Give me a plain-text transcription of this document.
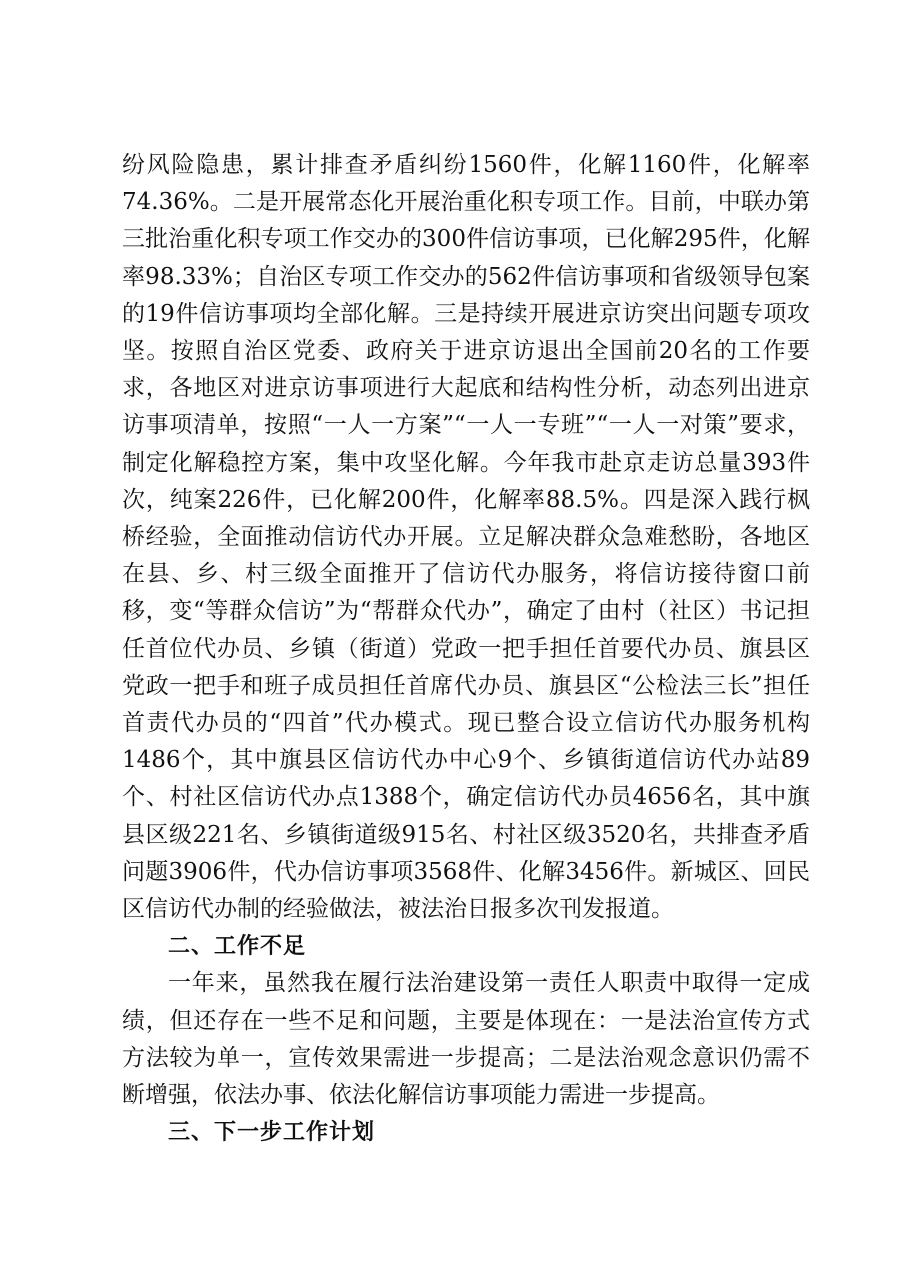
纷风险隐患，累计排查矛盾纠纷1560件，化解1160件，化解率74.36%。二是开展常态化开展治重化积专项工作。目前，中联办第三批治重化积专项工作交办的300件信访事项，已化解295件，化解率98.33%；自治区专项工作交办的562件信访事项和省级领导包案的19件信访事项均全部化解。三是持续开展进京访突出问题专项攻坚。按照自治区党委、政府关于进京访退出全国前20名的工作要求，各地区对进京访事项进行大起底和结构性分析，动态列出进京访事项清单，按照“一人一方案”“一人一专班”“一人一对策”要求，制定化解稳控方案，集中攻坚化解。今年我市赴京走访总量393件次，纯案226件，已化解200件，化解率88.5%。四是深入践行枫桥经验，全面推动信访代办开展。立足解决群众急难愁盼，各地区在县、乡、村三级全面推开了信访代办服务，将信访接待窗口前移，变“等群众信访”为“帮群众代办”，确定了由村（社区）书记担任首位代办员、乡镇（街道）党政一把手担任首要代办员、旗县区党政一把手和班子成员担任首席代办员、旗县区“公检法三长”担任首责代办员的“四首”代办模式。现已整合设立信访代办服务机构1486个，其中旗县区信访代办中心9个、乡镇街道信访代办站89个、村社区信访代办点1388个，确定信访代办员4656名，其中旗县区级221名、乡镇街道级915名、村社区级3520名，共排查矛盾问题3906件，代办信访事项3568件、化解3456件。新城区、回民区信访代办制的经验做法，被法治日报多次刊发报道。

二、工作不足

一年来，虽然我在履行法治建设第一责任人职责中取得一定成绩，但还存在一些不足和问题，主要是体现在：一是法治宣传方式方法较为单一，宣传效果需进一步提高；二是法治观念意识仍需不断增强，依法办事、依法化解信访事项能力需进一步提高。

三、下一步工作计划
